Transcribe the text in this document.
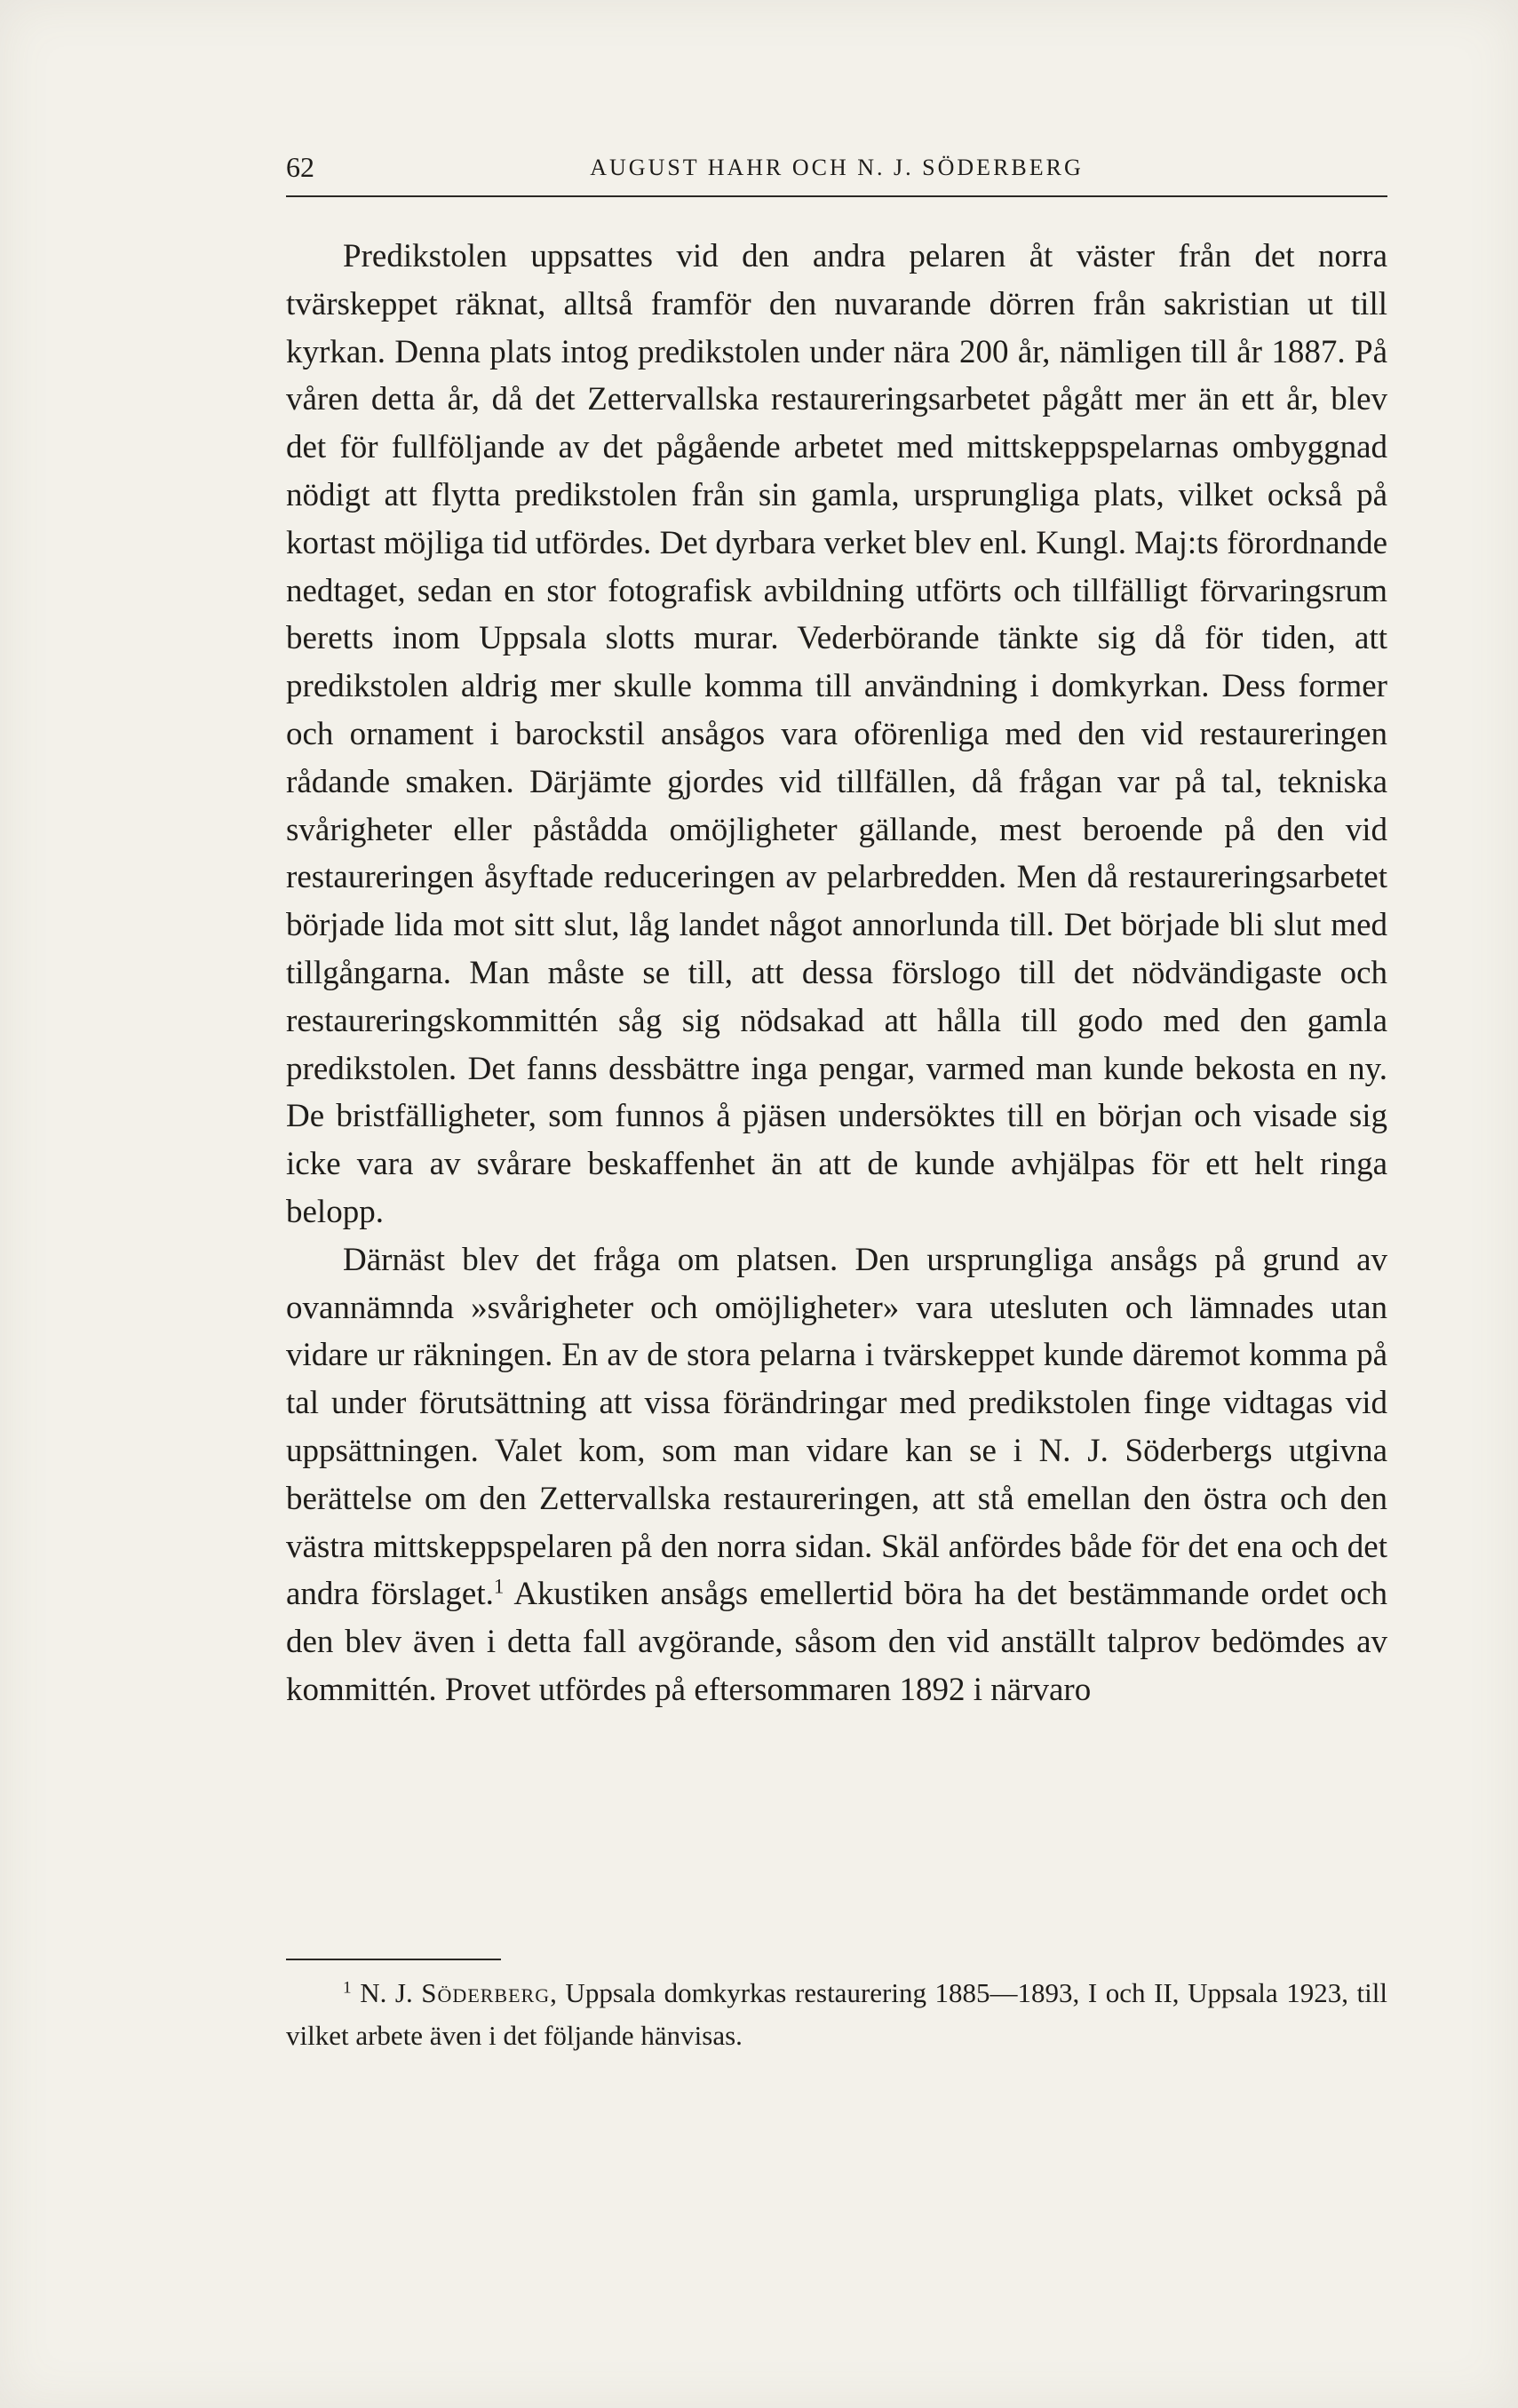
62	AUGUST HAHR OCH N. J. SÖDERBERG

Predikstolen uppsattes vid den andra pelaren åt väster från det norra tvärskeppet räknat, alltså framför den nuvarande dörren från sakristian ut till kyrkan. Denna plats intog predikstolen under nära 200 år, nämligen till år 1887. På våren detta år, då det Zettervallska restaureringsarbetet pågått mer än ett år, blev det för fullföljande av det pågående arbetet med mittskeppspelarnas ombyggnad nödigt att flytta predikstolen från sin gamla, ursprungliga plats, vilket också på kortast möjliga tid utfördes. Det dyrbara verket blev enl. Kungl. Maj:ts förordnande nedtaget, sedan en stor fotografisk avbildning utförts och tillfälligt förvaringsrum beretts inom Uppsala slotts murar. Vederbörande tänkte sig då för tiden, att predikstolen aldrig mer skulle komma till användning i domkyrkan. Dess former och ornament i barockstil ansågos vara oförenliga med den vid restaureringen rådande smaken. Därjämte gjordes vid tillfällen, då frågan var på tal, tekniska svårigheter eller påstådda omöjligheter gällande, mest beroende på den vid restaureringen åsyftade reduceringen av pelarbredden. Men då restaureringsarbetet började lida mot sitt slut, låg landet något annorlunda till. Det började bli slut med tillgångarna. Man måste se till, att dessa förslogo till det nödvändigaste och restaureringskommittén såg sig nödsakad att hålla till godo med den gamla predikstolen. Det fanns dessbättre inga pengar, varmed man kunde bekosta en ny. De bristfälligheter, som funnos å pjäsen undersöktes till en början och visade sig icke vara av svårare beskaffenhet än att de kunde avhjälpas för ett helt ringa belopp.

Därnäst blev det fråga om platsen. Den ursprungliga ansågs på grund av ovannämnda »svårigheter och omöjligheter» vara utesluten och lämnades utan vidare ur räkningen. En av de stora pelarna i tvärskeppet kunde däremot komma på tal under förutsättning att vissa förändringar med predikstolen finge vidtagas vid uppsättningen. Valet kom, som man vidare kan se i N. J. Söderbergs utgivna berättelse om den Zettervallska restaureringen, att stå emellan den östra och den västra mittskeppspelaren på den norra sidan. Skäl anfördes både för det ena och det andra förslaget.$^1$ Akustiken ansågs emellertid böra ha det bestämmande ordet och den blev även i detta fall avgörande, såsom den vid anställt talprov bedömdes av kommittén. Provet utfördes på eftersommaren 1892 i närvaro

$^1$ N. J. Söderberg, Uppsala domkyrkas restaurering 1885—1893, I och II, Uppsala 1923, till vilket arbete även i det följande hänvisas.
